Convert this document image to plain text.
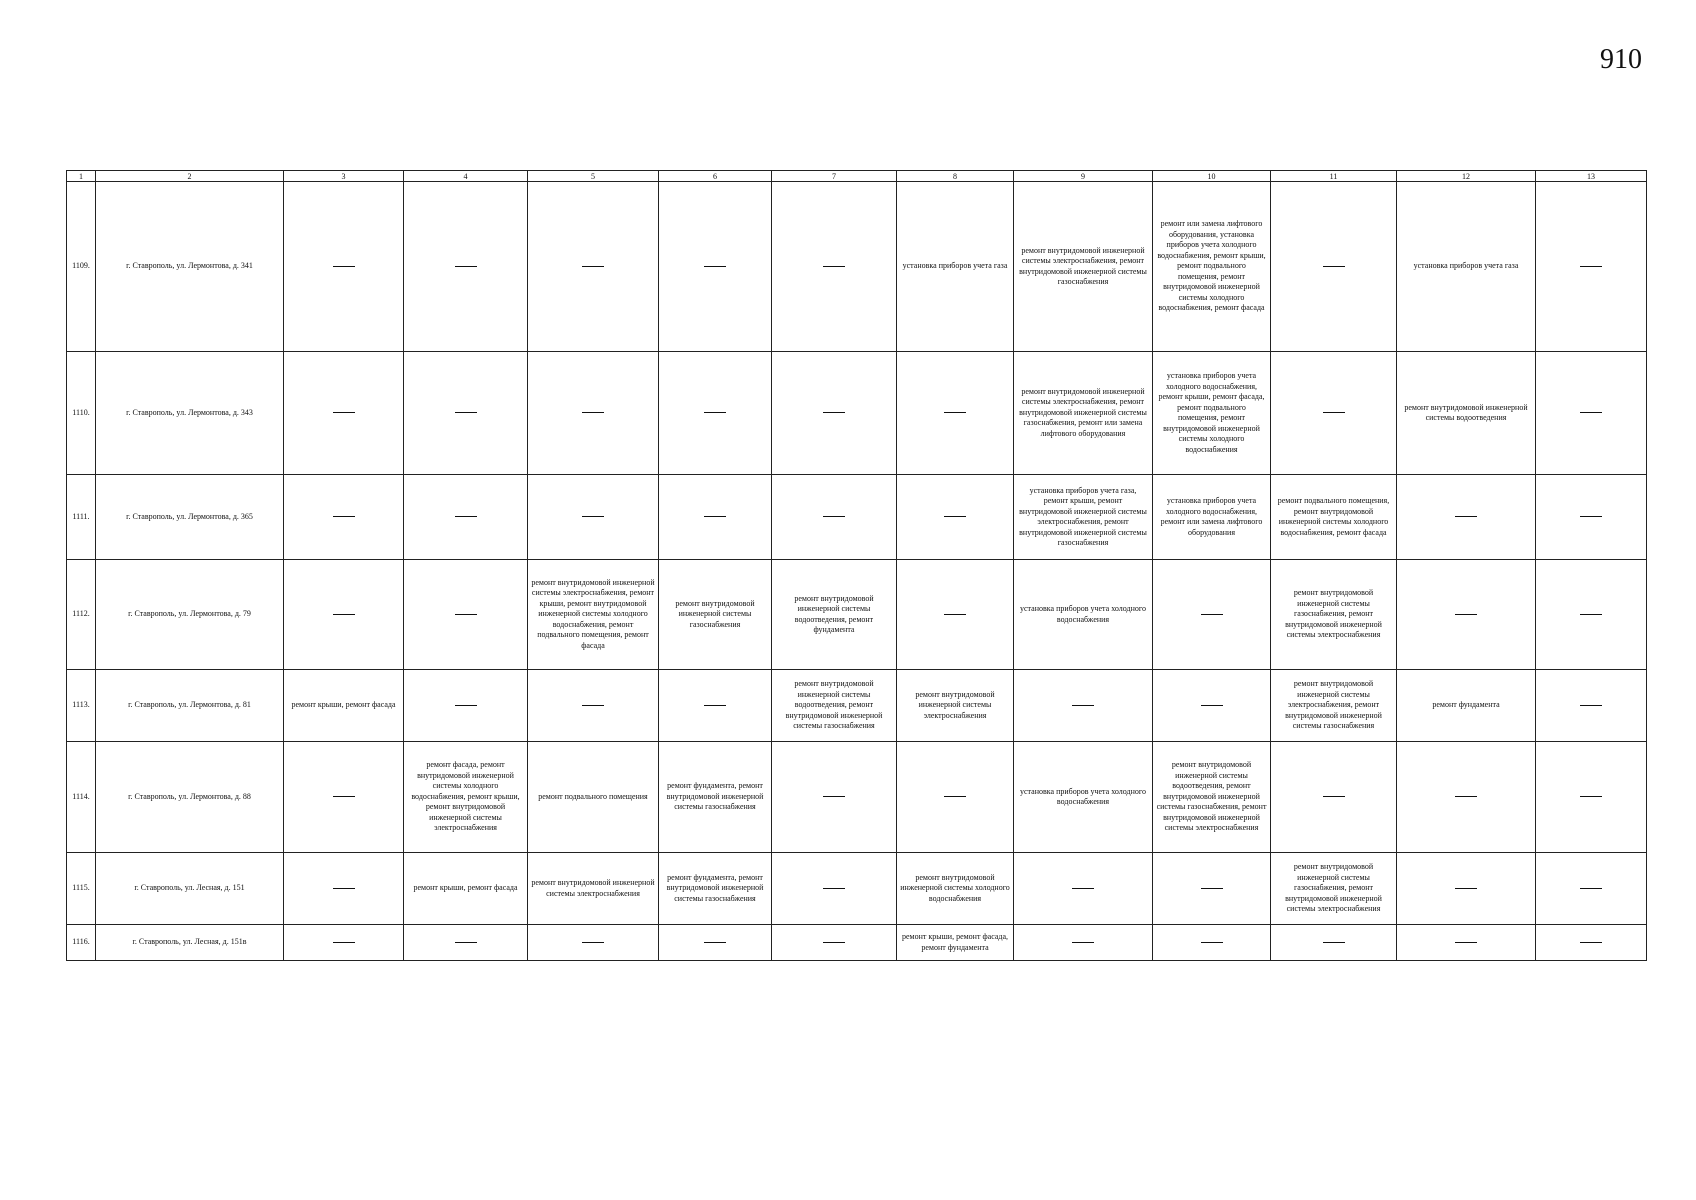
910
1	2	3	4	5	6	7	8	9	10	11	12	13
1109.	г. Ставрополь, ул. Лермонтова, д. 341						установка приборов учета газа	ремонт внутридомовой инженерной системы электроснабжения, ремонт внутридомовой инженерной системы газоснабжения	ремонт или замена лифтового оборудования, установка приборов учета холодного водоснабжения, ремонт крыши, ремонт подвального помещения, ремонт внутридомовой инженерной системы холодного водоснабжения, ремонт фасада		установка приборов учета газа	
1110.	г. Ставрополь, ул. Лермонтова, д. 343							ремонт внутридомовой инженерной системы электроснабжения, ремонт внутридомовой инженерной системы газоснабжения, ремонт или замена лифтового оборудования	установка приборов учета холодного водоснабжения, ремонт крыши, ремонт фасада, ремонт подвального помещения, ремонт внутридомовой инженерной системы холодного водоснабжения		ремонт внутридомовой инженерной системы водоотведения	
1111.	г. Ставрополь, ул. Лермонтова, д. 365							установка приборов учета газа, ремонт крыши, ремонт внутридомовой инженерной системы электроснабжения, ремонт внутридомовой инженерной системы газоснабжения	установка приборов учета холодного водоснабжения, ремонт или замена лифтового оборудования	ремонт подвального помещения, ремонт внутридомовой инженерной системы холодного водоснабжения, ремонт фасада		
1112.	г. Ставрополь, ул. Лермонтова, д. 79			ремонт внутридомовой инженерной системы электроснабжения, ремонт крыши, ремонт внутридомовой инженерной системы холодного водоснабжения, ремонт подвального помещения, ремонт фасада	ремонт внутридомовой инженерной системы газоснабжения	ремонт внутридомовой инженерной системы водоотведения, ремонт фундамента		установка приборов учета холодного водоснабжения		ремонт внутридомовой инженерной системы газоснабжения, ремонт внутридомовой инженерной системы электроснабжения		
1113.	г. Ставрополь, ул. Лермонтова, д. 81	ремонт крыши, ремонт фасада				ремонт внутридомовой инженерной системы водоотведения, ремонт внутридомовой инженерной системы газоснабжения	ремонт внутридомовой инженерной системы электроснабжения			ремонт внутридомовой инженерной системы электроснабжения, ремонт внутридомовой инженерной системы газоснабжения	ремонт фундамента	
1114.	г. Ставрополь, ул. Лермонтова, д. 88		ремонт фасада, ремонт внутридомовой инженерной системы холодного водоснабжения, ремонт крыши, ремонт внутридомовой инженерной системы электроснабжения	ремонт подвального помещения	ремонт фундамента, ремонт внутридомовой инженерной системы газоснабжения			установка приборов учета холодного водоснабжения	ремонт внутридомовой инженерной системы водоотведения, ремонт внутридомовой инженерной системы газоснабжения, ремонт внутридомовой инженерной системы электроснабжения			
1115.	г. Ставрополь, ул. Лесная, д. 151		ремонт крыши, ремонт фасада	ремонт внутридомовой инженерной системы электроснабжения	ремонт фундамента, ремонт внутридомовой инженерной системы газоснабжения		ремонт внутридомовой инженерной системы холодного водоснабжения			ремонт внутридомовой инженерной системы газоснабжения, ремонт внутридомовой инженерной системы электроснабжения		
1116.	г. Ставрополь, ул. Лесная, д. 151в						ремонт крыши, ремонт фасада, ремонт фундамента					
